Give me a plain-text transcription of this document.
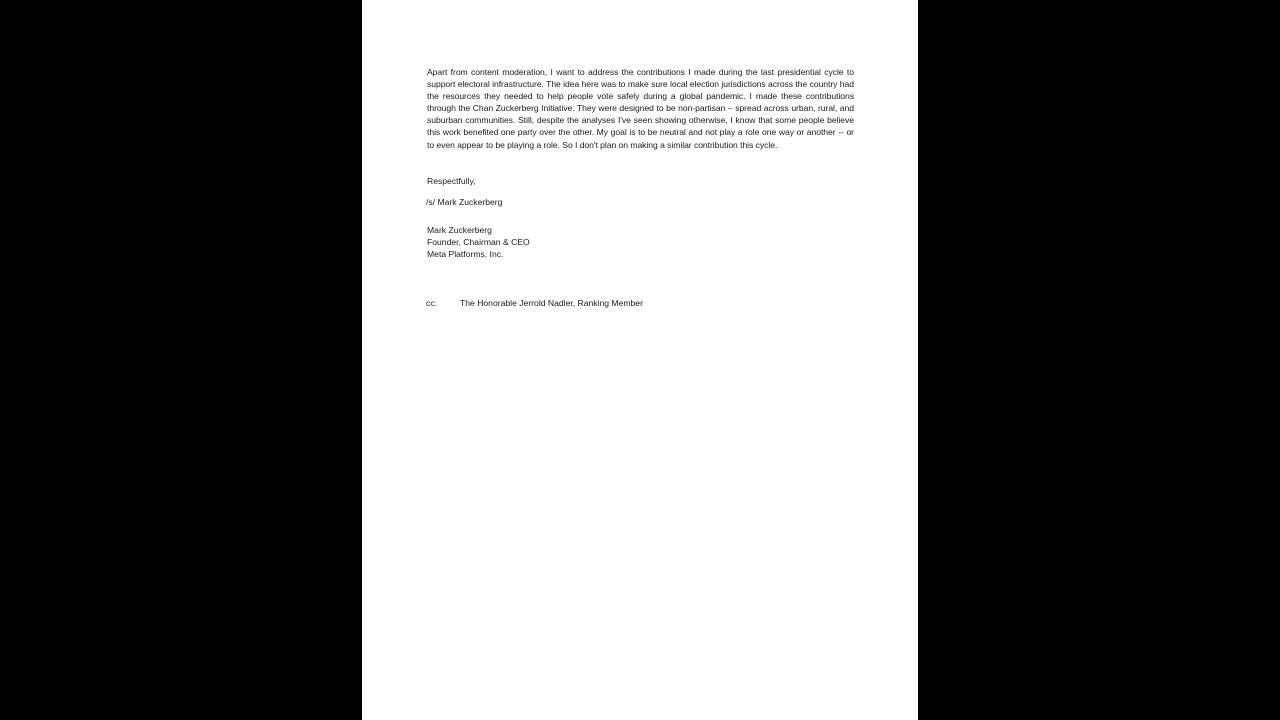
Apart from content moderation, I want to address the contributions I made during the last presidential cycle to support electoral infrastructure. The idea here was to make sure local election jurisdictions across the country had the resources they needed to help people vote safely during a global pandemic. I made these contributions through the Chan Zuckerberg Initiative. They were designed to be non-partisan – spread across urban, rural, and suburban communities. Still, despite the analyses I've seen showing otherwise, I know that some people believe this work benefited one party over the other. My goal is to be neutral and not play a role one way or another -- or to even appear to be playing a role. So I don't plan on making a similar contribution this cycle.

Respectfully,
/s/ Mark Zuckerberg
Mark Zuckerberg
Founder, Chairman & CEO
Meta Platforms, Inc.
cc:	The Honorable Jerrold Nadler, Ranking Member
